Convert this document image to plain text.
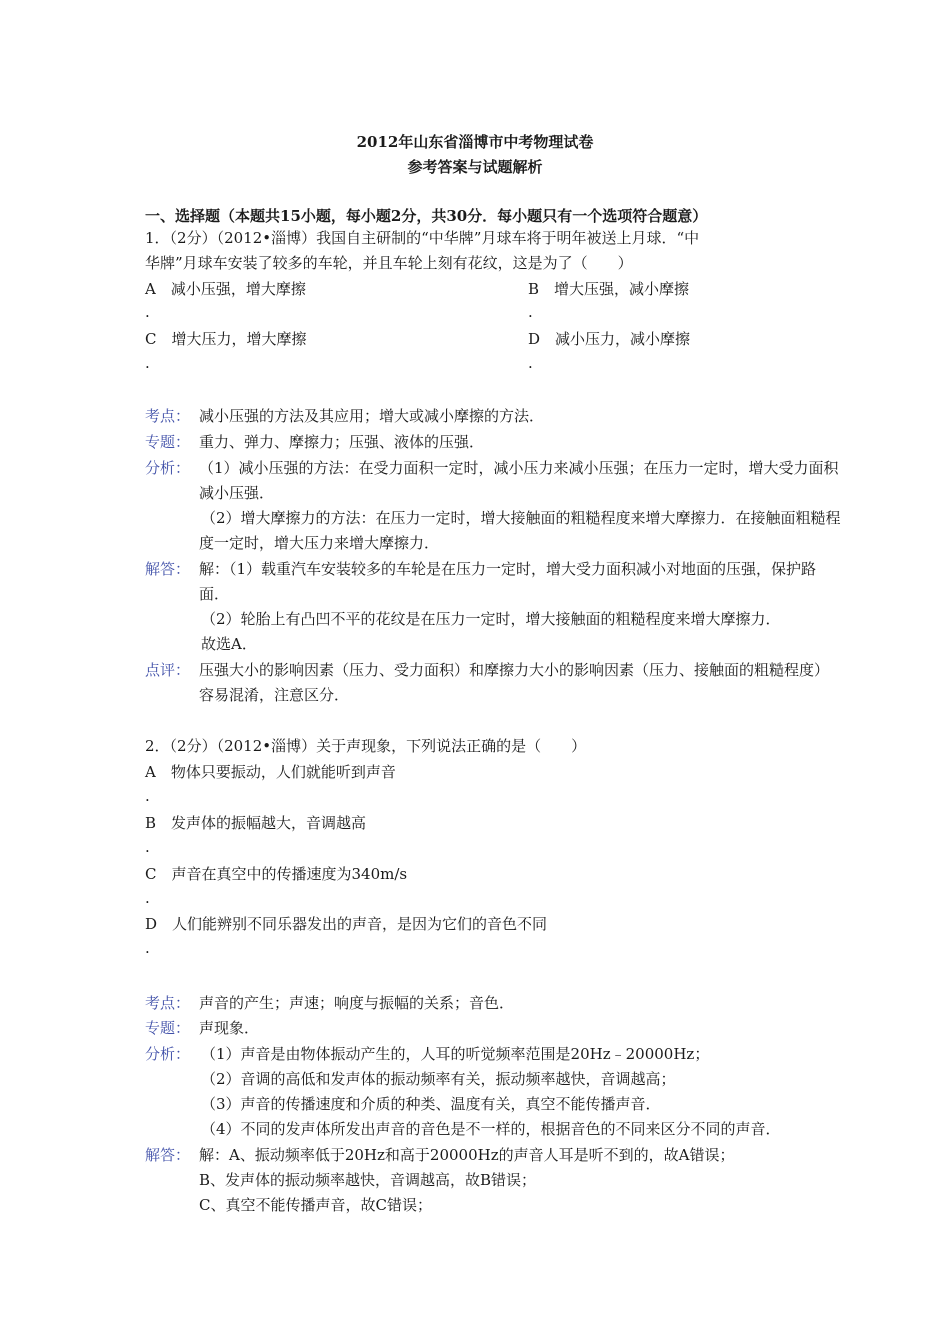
2012年山东省淄博市中考物理试卷
参考答案与试题解析
一、选择题（本题共15小题，每小题2分，共30分．每小题只有一个选项符合题意）
1．（2分）（2012•淄博）我国自主研制的“中华牌”月球车将于明年被送上月球．“中
华牌”月球车安装了较多的车轮，并且车轮上刻有花纹，这是为了（　　）
A　减小压强，增大摩擦	B　增大压强，减小摩擦
.	.
C　增大压力，增大摩擦	D　减小压力，减小摩擦
.	.
考点： 减小压强的方法及其应用；增大或减小摩擦的方法．
专题： 重力、弹力、摩擦力；压强、液体的压强．
分析： （1）减小压强的方法：在受力面积一定时，减小压力来减小压强；在压力一定时，增大受力面积
减小压强．
（2）增大摩擦力的方法：在压力一定时，增大接触面的粗糙程度来增大摩擦力．在接触面粗糙程
度一定时，增大压力来增大摩擦力．
解答： 解：（1）载重汽车安装较多的车轮是在压力一定时，增大受力面积减小对地面的压强，保护路
面．
（2）轮胎上有凸凹不平的花纹是在压力一定时，增大接触面的粗糙程度来增大摩擦力．
故选A．
点评： 压强大小的影响因素（压力、受力面积）和摩擦力大小的影响因素（压力、接触面的粗糙程度）
容易混淆，注意区分．
2．（2分）（2012•淄博）关于声现象，下列说法正确的是（　　）
A　物体只要振动，人们就能听到声音
.
B　发声体的振幅越大，音调越高
.
C　声音在真空中的传播速度为340m/s
.
D　人们能辨别不同乐器发出的声音，是因为它们的音色不同
.
考点： 声音的产生；声速；响度与振幅的关系；音色．
专题： 声现象．
分析： （1）声音是由物体振动产生的，人耳的听觉频率范围是20Hz﹣20000Hz；
（2）音调的高低和发声体的振动频率有关，振动频率越快，音调越高；
（3）声音的传播速度和介质的种类、温度有关，真空不能传播声音．
（4）不同的发声体所发出声音的音色是不一样的，根据音色的不同来区分不同的声音．
解答： 解：A、振动频率低于20Hz和高于20000Hz的声音人耳是听不到的，故A错误；
B、发声体的振动频率越快，音调越高，故B错误；
C、真空不能传播声音，故C错误；
